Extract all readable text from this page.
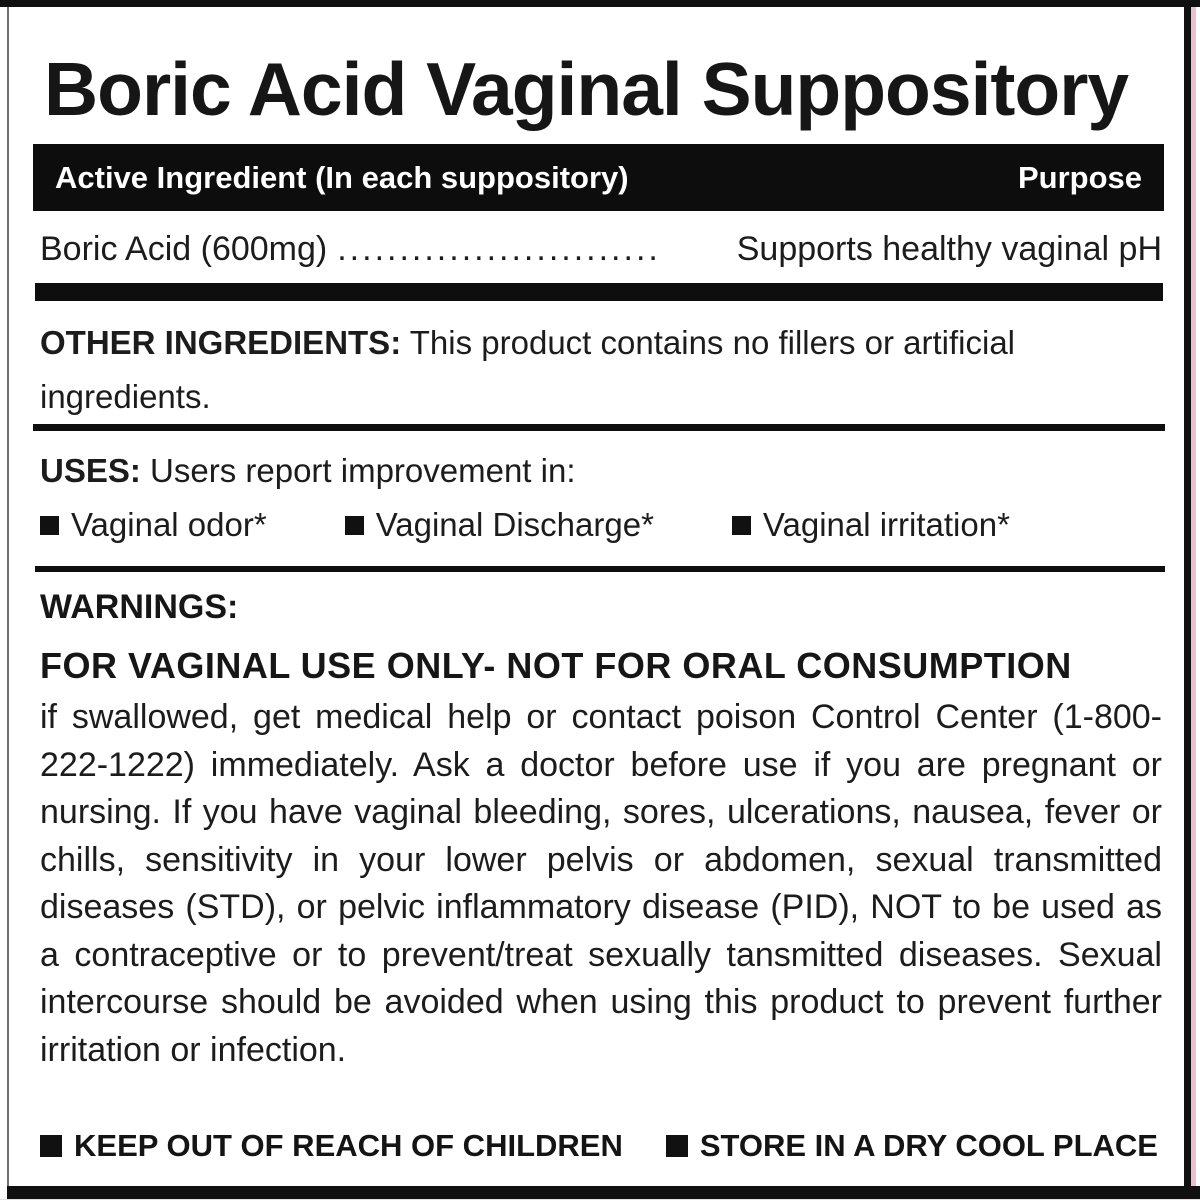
Boric Acid Vaginal Suppository
Active Ingredient (In each suppository)	Purpose
Boric Acid (600mg) ..........................	Supports healthy vaginal pH

OTHER INGREDIENTS: This product contains no fillers or artificial ingredients.

USES: Users report improvement in:

Vaginal odor*	Vaginal Discharge*	Vaginal irritation*

WARNINGS:

FOR VAGINAL USE ONLY- NOT FOR ORAL CONSUMPTION

if swallowed, get medical help or contact poison Control Center (1-800-222-1222) immediately. Ask a doctor before use if you are pregnant or nursing. If you have vaginal bleeding, sores, ulcerations, nausea, fever or chills, sensitivity in your lower pelvis or abdomen, sexual transmitted diseases (STD), or pelvic inflammatory disease (PID), NOT to be used as a contraceptive or to prevent/treat sexually tansmitted diseases. Sexual intercourse should be avoided when using this product to prevent further irritation or infection.

KEEP OUT OF REACH OF CHILDREN STORE IN A DRY COOL PLACE
